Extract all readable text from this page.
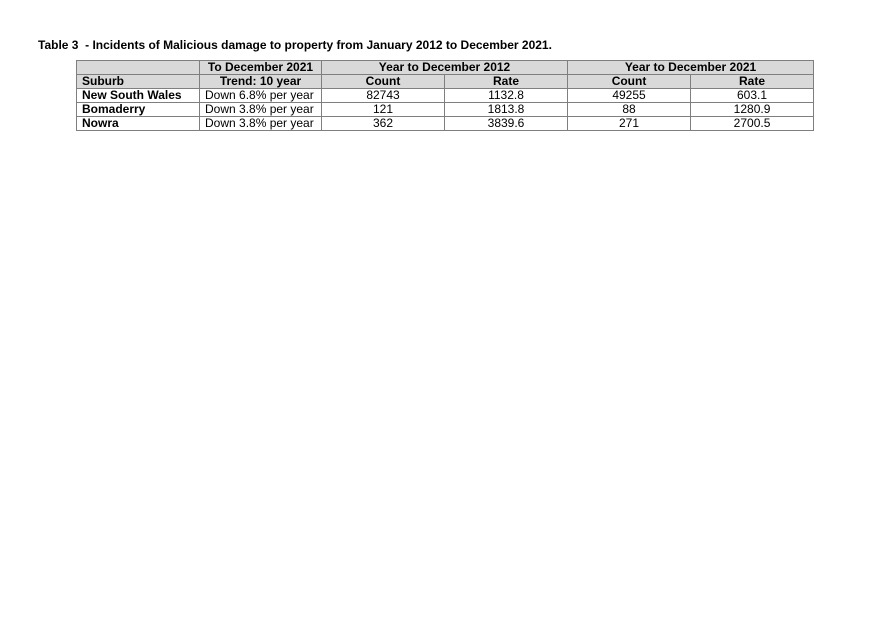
Table 3  - Incidents of Malicious damage to property from January 2012 to December 2021.
	To December 2021	Year to December 2012		Year to December 2021	
Suburb	Trend: 10 year	Count	Rate	Count	Rate
New South Wales	Down 6.8% per year	82743	1132.8	49255	603.1
Bomaderry	Down 3.8% per year	121	1813.8	88	1280.9
Nowra	Down 3.8% per year	362	3839.6	271	2700.5
